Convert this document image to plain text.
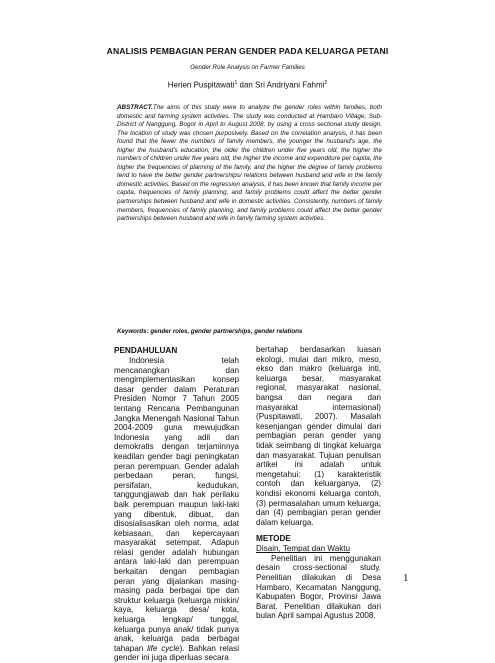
ANALISIS PEMBAGIAN PERAN GENDER PADA KELUARGA PETANI
Gender Role Analysis on Farmer Families
Herien Puspitawati$^1$ dan Sri Andriyani Fahmi$^2$
ABSTRACT.The aims of this study were to analyze the gender roles within families, both domestic and farming system activities. The study was conducted at Hambaro Village, Sub-District of Nanggung, Bogor in April to August 2008, by using a cross sectional study design. The location of study was chosen purposively. Based on the correlation analysis, it has been found that the fewer the numbers of family members, the younger the husband’s age, the higher the husband’s education, the older the children under five years old, the higher the numbers of children under five years old, the higher the income and expenditure per capita, the higher the frequencies of planning of the family, and the higher the degree of family problems tend to have the better gender partnerships/ relations between husband and wife in the family domestic activities. Based on the regression analysis, it has been known that family income per capita, frequencies of family planning, and family problems could affect the better gender partnerships between husband and wife in domestic activities. Consistently, numbers of family members, frequencies of family planning, and family problems could affect the better gender partnerships between husband and wife in family farming system activities.
Keywords: gender roles, gender partnerships, gender relations
PENDAHULUAN

Indonesia telah mencanangkan dan mengimplementasikan konsep dasar gender dalam Peraturan Presiden Nomor 7 Tahun 2005 tentang Rencana Pembangunan Jangka Menengah Nasional Tahun 2004-2009 guna mewujudkan Indonesia yang adil dan demokratis dengan terjaminnya keadilan gender bagi peningkatan peran perempuan. Gender adalah perbedaan peran, fungsi, persifatan, kedudukan, tanggungjawab dan hak perilaku baik perempuan maupun laki-laki yang dibentuk, dibuat, dan disosialisasikan oleh norma, adat kebiasaan, dan kepercayaan masyarakat setempat. Adapun relasi gender adalah hubungan antara laki-laki dan perempuan berkaitan dengan pembagian peran yang dijalankan masing-masing pada berbagai tipe dan struktur keluarga (keluarga miskin/ kaya, keluarga desa/ kota, keluarga lengkap/ tunggal, keluarga punya anak/ tidak punya anak, keluarga pada berbagai tahapan life cycle). Bahkan relasi gender ini juga diperluas secara

bertahap berdasarkan luasan ekologi, mulai dari mikro, meso, ekso dan makro (keluarga inti, keluarga besar, masyarakat regional, masyarakat nasional, bangsa dan negara dan masyarakat internasional) (Puspitawati, 2007). Masalah kesenjangan gender dimulai dari pembagian peran gender yang tidak seimbang di tingkat keluarga dan masyarakat. Tujuan penulisan artikel ini adalah untuk mengetahui: (1) karakteristik contoh dan keluarganya, (2) kondisi ekonomi keluarga contoh, (3) permasalahan umum keluarga; dan (4) pembagian peran gender dalam keluarga.

METODE

Disain, Tempat dan Waktu

Penelitian ini menggunakan desain cross-sectional study. Penelitian dilakukan di Desa Hambaro, Kecamatan Nanggung, Kabupaten Bogor, Provinsi Jawa Barat. Penelitian dilakukan dari bulan April sampai Agustus 2008.

1
